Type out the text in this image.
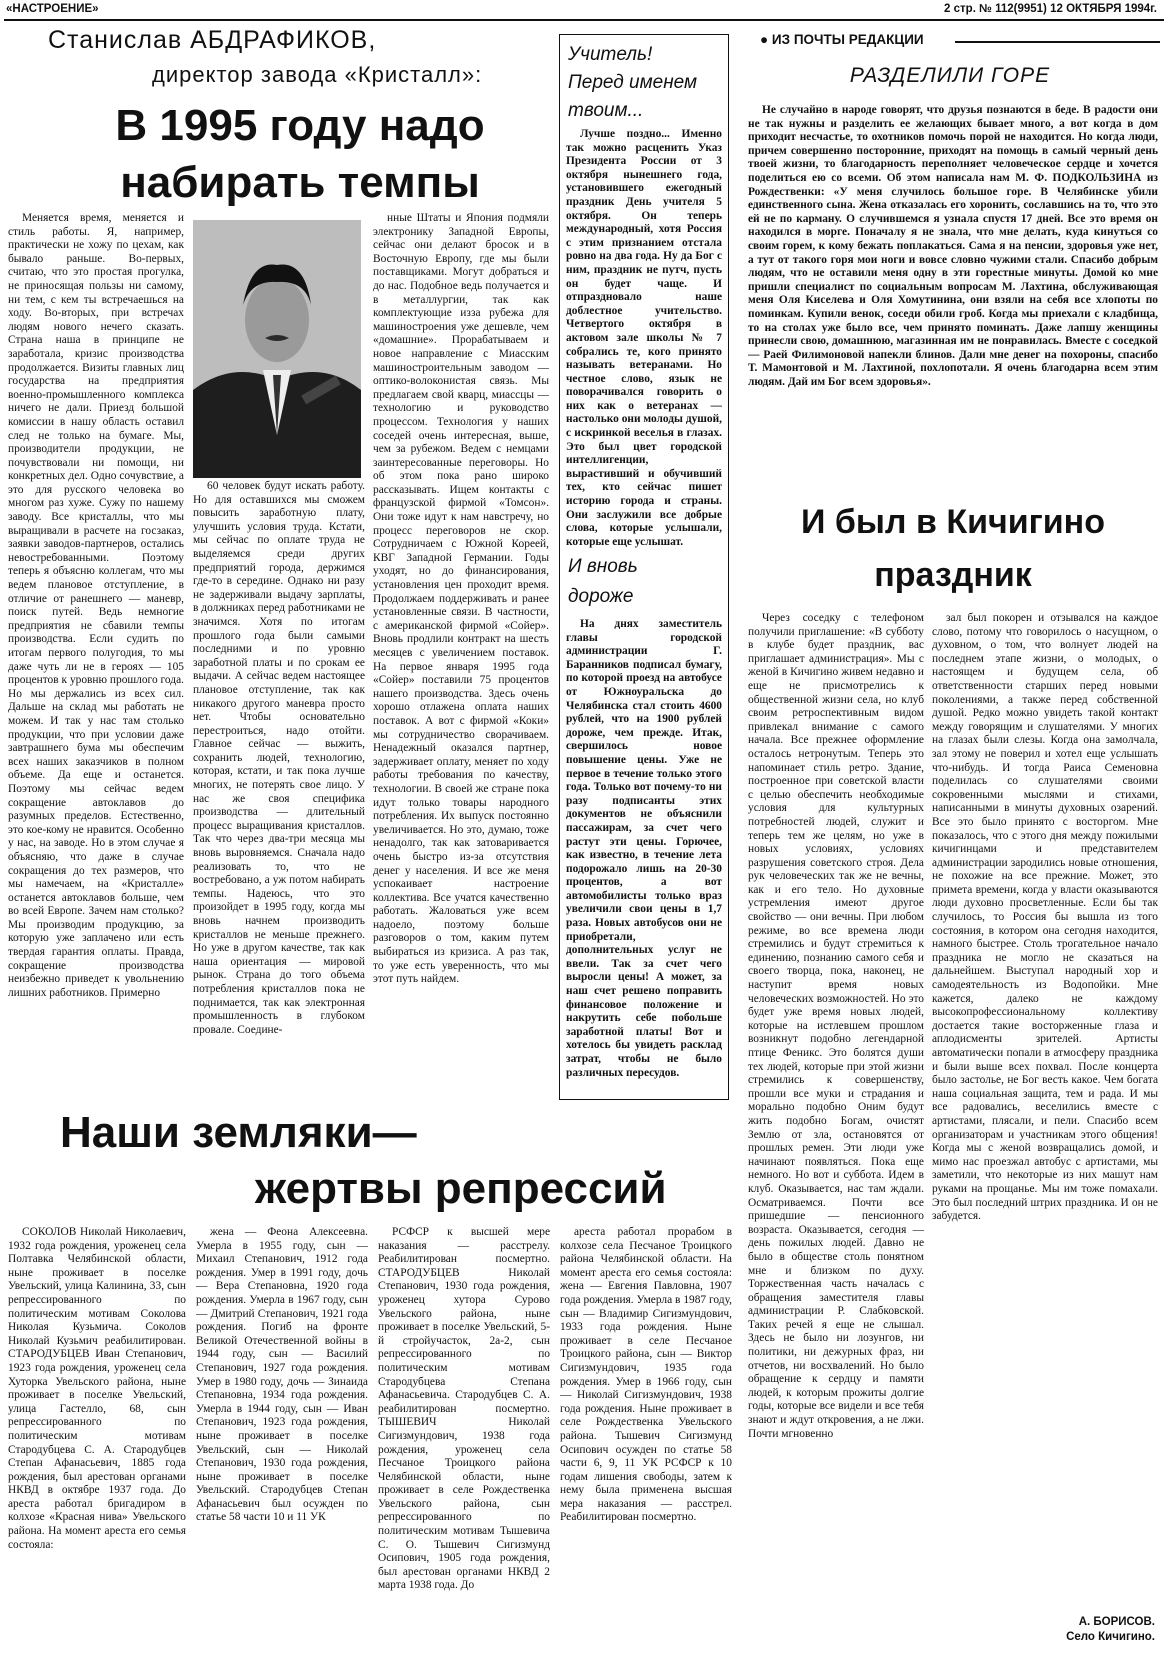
«НАСТРОЕНИЕ»	2 стр. № 112(9951) 12 ОКТЯБРЯ 1994г.
Станислав АБДРАФИКОВ,
директор завода «Кристалл»:
В 1995 году надо
набирать темпы

Меняется время, меняется и стиль работы. Я, например, практически не хожу по цехам, как бывало раньше. Во-первых, считаю, что это простая прогулка, не приносящая пользы ни самому, ни тем, с кем ты встречаешься на ходу. Во-вторых, при встречах людям нового нечего сказать. Страна наша в принципе не заработала, кризис производства продолжается. Визиты главных лиц государства на предприятия военно-промышленного комплекса ничего не дали. Приезд большой комиссии в нашу область оставил след не только на бумаге. Мы, производители продукции, не почувствовали ни помощи, ни конкретных дел. Одно сочувствие, а это для русского человека во многом раз хуже. Сужу по нашему заводу. Все кристаллы, что мы выращивали в расчете на госзаказ, заявки заводов-партнеров, остались невостребованными. Поэтому теперь я объясню коллегам, что мы ведем плановое отступление, в отличие от ранешнего — маневр, поиск путей. Ведь немногие предприятия не сбавили темпы производства. Если судить по итогам первого полугодия, то мы даже чуть ли не в героях — 105 процентов к уровню прошлого года. Но мы держались из всех сил. Дальше на склад мы работать не можем. И так у нас там столько продукции, что при условии даже завтрашнего бума мы обеспечим всех наших заказчиков в полном объеме. Да еще и останется. Поэтому мы сейчас ведем сокращение автоклавов до разумных пределов. Естественно, это кое-кому не нравится. Особенно у нас, на заводе. Но в этом случае я объясняю, что даже в случае сокращения до тех размеров, что мы намечаем, на «Кристалле» останется автоклавов больше, чем во всей Европе. Зачем нам столько? Мы производим продукцию, за которую уже заплачено или есть твердая гарантия оплаты. Правда, сокращение производства неизбежно приведет к увольнению лишних работников. Примерно

60 человек будут искать работу. Но для оставшихся мы сможем повысить заработную плату, улучшить условия труда. Кстати, мы сейчас по оплате труда не выделяемся среди других предприятий города, держимся где-то в середине. Однако ни разу не задерживали выдачу зарплаты, в должниках перед работниками не значимся. Хотя по итогам прошлого года были самыми последними и по уровню заработной платы и по срокам ее выдачи. А сейчас ведем настоящее плановое отступление, так как никакого другого маневра просто нет. Чтобы основательно перестроиться, надо отойти. Главное сейчас — выжить, сохранить людей, технологию, которая, кстати, и так пока лучше многих, не потерять свое лицо. У нас же своя специфика производства — длительный процесс выращивания кристаллов. Так что через два-три месяца мы вновь выровняемся. Сначала надо реализовать то, что не востребовано, а уж потом набирать темпы. Надеюсь, что это произойдет в 1995 году, когда мы вновь начнем производить кристаллов не меньше прежнего. Но уже в другом качестве, так как наша ориентация — мировой рынок. Страна до того объема потребления кристаллов пока не поднимается, так как электронная промышленность в глубоком провале. Соедине-

нные Штаты и Япония подмяли электронику Западной Европы, сейчас они делают бросок и в Восточную Европу, где мы были поставщиками. Могут добраться и до нас. Подобное ведь получается и в металлургии, так как комплектующие изза рубежа для машиностроения уже дешевле, чем «домашние». Прорабатываем и новое направление с Миасским машиностроительным заводом — оптико-волоконистая связь. Мы предлагаем свой кварц, миассцы — технологию и руководство процессом. Технология у наших соседей очень интересная, выше, чем за рубежом. Ведем с немцами заинтересованные переговоры. Но об этом пока рано широко рассказывать. Ищем контакты с французской фирмой «Томсон». Они тоже идут к нам навстречу, но процесс переговоров не скор. Сотрудничаем с Южной Кореей, КВГ Западной Германии. Годы уходят, но до финансирования, установления цен проходит время. Продолжаем поддерживать и ранее установленные связи. В частности, с американской фирмой «Сойер». Вновь продлили контракт на шесть месяцев с увеличением поставок. На первое января 1995 года «Сойер» поставили 75 процентов нашего производства. Здесь очень хорошо отлажена оплата наших поставок. А вот с фирмой «Коки» мы сотрудничество сворачиваем. Ненадежный оказался партнер, задерживает оплату, меняет по ходу работы требования по качеству, технологии. В своей же стране пока идут только товары народного потребления. Их выпуск постоянно увеличивается. Но это, думаю, тоже ненадолго, так как затоваривается очень быстро из-за отсутствия денег у населения. И все же меня успокаивает настроение коллектива. Все учатся качественно работать. Жаловаться уже всем надоело, поэтому больше разговоров о том, каким путем выбираться из кризиса. А раз так, то уже есть уверенность, что мы этот путь найдем.

Учитель!
Перед именем
твоим...

Лучше поздно... Именно так можно расценить Указ Президента России от 3 октября нынешнего года, установившего ежегодный праздник День учителя 5 октября. Он теперь международный, хотя Россия с этим признанием отстала ровно на два года. Ну да Бог с ним, праздник не путч, пусть он будет чаще. И отпраздновало наше доблестное учительство. Четвертого октября в актовом зале школы № 7 собрались те, кого принято называть ветеранами. Но честное слово, язык не поворачивался говорить о них как о ветеранах — настолько они молоды душой, с искринкой веселья в глазах. Это был цвет городской интеллигенции, вырастивший и обучивший тех, кто сейчас пишет историю города и страны. Они заслужили все добрые слова, которые услышали, которые еще услышат.

И вновь
дороже

На днях заместитель главы городской администрации Г. Баранников подписал бумагу, по которой проезд на автобусе от Южноуральска до Челябинска стал стоить 4600 рублей, что на 1900 рублей дороже, чем прежде. Итак, свершилось новое повышение цены. Уже не первое в течение только этого года. Только вот почему-то ни разу подписанты этих документов не объяснили пассажирам, за счет чего растут эти цены. Горючее, как известно, в течение лета подорожало лишь на 20-30 процентов, а вот автомобилисты только враз увеличили свои цены в 1,7 раза. Новых автобусов они не приобретали, дополнительных услуг не ввели. Так за счет чего выросли цены! А может, за наш счет решено поправить финансовое положение и накрутить себе побольше заработной платы! Вот и хотелось бы увидеть расклад затрат, чтобы не было различных пересудов.

● ИЗ ПОЧТЫ РЕДАКЦИИ
РАЗДЕЛИЛИ ГОРЕ

Не случайно в народе говорят, что друзья познаются в беде. В радости они не так нужны и разделить ее желающих бывает много, а вот когда в дом приходит несчастье, то охотников помочь порой не находится. Но когда люди, причем совершенно посторонние, приходят на помощь в самый черный день твоей жизни, то благодарность переполняет человеческое сердце и хочется поделиться ею со всеми. Об этом написала нам М. Ф. ПОДКОЛЬЗИНА из Рождественки: «У меня случилось большое горе. В Челябинске убили единственного сына. Жена отказалась его хоронить, сославшись на то, что это ей не по карману. О случившемся я узнала спустя 17 дней. Все это время он находился в морге. Поначалу я не знала, что мне делать, куда кинуться со своим горем, к кому бежать поплакаться. Сама я на пенсии, здоровья уже нет, а тут от такого горя мои ноги и вовсе словно чужими стали. Спасибо добрым людям, что не оставили меня одну в эти горестные минуты. Домой ко мне пришли специалист по социальным вопросам М. Лахтина, обслуживающая меня Оля Киселева и Оля Хомутинина, они взяли на себя все хлопоты по поминкам. Купили венок, соседи обили гроб. Когда мы приехали с кладбища, то на столах уже было все, чем принято поминать. Даже лапшу женщины принесли свою, домашнюю, магазинная им не понравилась. Вместе с соседкой — Раей Филимоновой напекли блинов. Дали мне денег на похороны, спасибо Т. Мамонтовой и М. Лахтиной, похлопотали. Я очень благодарна всем этим людям. Дай им Бог всем здоровья».

И был в Кичигино
праздник

Через соседку с телефоном получили приглашение: «В субботу в клубе будет праздник, вас приглашает администрация». Мы с женой в Кичигино живем недавно и еще не присмотрелись к общественной жизни села, но клуб своим ретроспективным видом привлекал внимание с самого начала. Все прежнее оформление осталось нетронутым. Теперь это напоминает стиль ретро. Здание, построенное при советской власти с целью обеспечить необходимые условия для культурных потребностей людей, служит и теперь тем же целям, но уже в новых условиях, условиях разрушения советского строя. Дела рук человеческих так же не вечны, как и его тело. Но духовные устремления имеют другое свойство — они вечны. При любом режиме, во все времена люди стремились и будут стремиться к единению, познанию самого себя и своего творца, пока, наконец, не наступит время новых человеческих возможностей. Но это будет уже время новых людей, которые на истлевшем прошлом возникнут подобно легендарной птице Феникс. Это болятся души тех людей, которые при этой жизни стремились к совершенству, прошли все муки и страдания и морально подобно Оним будут жить подобно Богам, очистят Землю от зла, остановятся от прошлых ремен. Эти люди уже начинают появляться. Пока еще немного. Но вот и суббота. Идем в клуб. Оказывается, нас там ждали. Осматриваемся. Почти все пришедшие — пенсионного возраста. Оказывается, сегодня — день пожилых людей. Давно не было в обществе столь понятном мне и близком по духу. Торжественная часть началась с обращения заместителя главы администрации Р. Слабковской. Таких речей я еще не слышал. Здесь не было ни лозунгов, ни политики, ни дежурных фраз, ни отчетов, ни восхвалений. Но было обращение к сердцу и памяти людей, к которым прожиты долгие годы, которые все видели и все тебя знают и ждут откровения, а не лжи. Почти мгновенно

зал был покорен и отзывался на каждое слово, потому что говорилось о насущном, о духовном, о том, что волнует людей на последнем этапе жизни, о молодых, о настоящем и будущем села, об ответственности старших перед новыми поколениями, а также перед собственной душой. Редко можно увидеть такой контакт между говорящим и слушателями. У многих на глазах были слезы. Когда она замолчала, зал этому не поверил и хотел еще услышать что-нибудь. И тогда Раиса Семеновна поделилась со слушателями своими сокровенными мыслями и стихами, написанными в минуты духовных озарений. Все это было принято с восторгом. Мне показалось, что с этого дня между пожилыми кичигинцами и представителем администрации зародились новые отношения, не похожие на все прежние. Может, это примета времени, когда у власти оказываются люди духовно просветленные. Если бы так случилось, то Россия бы вышла из того состояния, в котором она сегодня находится, намного быстрее. Столь трогательное начало праздника не могло не сказаться на дальнейшем. Выступал народный хор и самодеятельность из Водопойки. Мне кажется, далеко не каждому высокопрофессиональному коллективу достается такие восторженные глаза и аплодисменты зрителей. Артисты автоматически попали в атмосферу праздника и были выше всех похвал. После концерта было застолье, не Бог весть какое. Чем богата наша социальная защита, тем и рада. И мы все радовались, веселились вместе с артистами, плясали, и пели. Спасибо всем организаторам и участникам этого общения! Когда мы с женой возвращались домой, и мимо нас проезжал автобус с артистами, мы заметили, что некоторые из них машут нам руками на прощанье. Мы им тоже помахали. Это был последний штрих праздника. И он не забудется.

А. БОРИСОВ.
Село Кичигино.
Наши земляки—
жертвы репрессий

СОКОЛОВ Николай Николаевич, 1932 года рождения, уроженец села Полтавка Челябинской области, ныне проживает в поселке Увельский, улица Калинина, 33, сын репрессированного по политическим мотивам Соколова Николая Кузьмича. Соколов Николай Кузьмич реабилитирован. СТАРОДУБЦЕВ Иван Степанович, 1923 года рождения, уроженец села Хуторка Увельского района, ныне проживает в поселке Увельский, улица Гастелло, 68, сын репрессированного по политическим мотивам Стародубцева С. А. Стародубцев Степан Афанасьевич, 1885 года рождения, был арестован органами НКВД в октябре 1937 года. До ареста работал бригадиром в колхозе «Красная нива» Увельского района. На момент ареста его семья состояла:

жена — Феона Алексеевна. Умерла в 1955 году, сын — Михаил Степанович, 1912 года рождения. Умер в 1991 году, дочь — Вера Степановна, 1920 года рождения. Умерла в 1967 году, сын — Дмитрий Степанович, 1921 года рождения. Погиб на фронте Великой Отечественной войны в 1944 году, сын — Василий Степанович, 1927 года рождения. Умер в 1980 году, дочь — Зинаида Степановна, 1934 года рождения. Умерла в 1944 году, сын — Иван Степанович, 1923 года рождения, ныне проживает в поселке Увельский, сын — Николай Степанович, 1930 года рождения, ныне проживает в поселке Увельский. Стародубцев Степан Афанасьевич был осужден по статье 58 части 10 и 11 УК

РСФСР к высшей мере наказания — расстрелу. Реабилитирован посмертно. СТАРОДУБЦЕВ Николай Степанович, 1930 года рождения, уроженец хутора Сурово Увельского района, ныне проживает в поселке Увельский, 5-й стройучасток, 2а-2, сын репрессированного по политическим мотивам Стародубцева Степана Афанасьевича. Стародубцев С. А. реабилитирован посмертно. ТЫШЕВИЧ Николай Сигизмундович, 1938 года рождения, уроженец села Песчаное Троицкого района Челябинской области, ныне проживает в селе Рождественка Увельского района, сын репрессированного по политическим мотивам Тышевича С. О. Тышевич Сигизмунд Осипович, 1905 года рождения, был арестован органами НКВД 2 марта 1938 года. До

ареста работал прорабом в колхозе села Песчаное Троицкого района Челябинской области. На момент ареста его семья состояла: жена — Евгения Павловна, 1907 года рождения. Умерла в 1987 году, сын — Владимир Сигизмундович, 1933 года рождения. Ныне проживает в селе Песчаное Троицкого района, сын — Виктор Сигизмундович, 1935 года рождения. Умер в 1966 году, сын — Николай Сигизмундович, 1938 года рождения. Ныне проживает в селе Рождественка Увельского района. Тышевич Сигизмунд Осипович осужден по статье 58 части 6, 9, 11 УК РСФСР к 10 годам лишения свободы, затем к нему была применена высшая мера наказания — расстрел. Реабилитирован посмертно.
